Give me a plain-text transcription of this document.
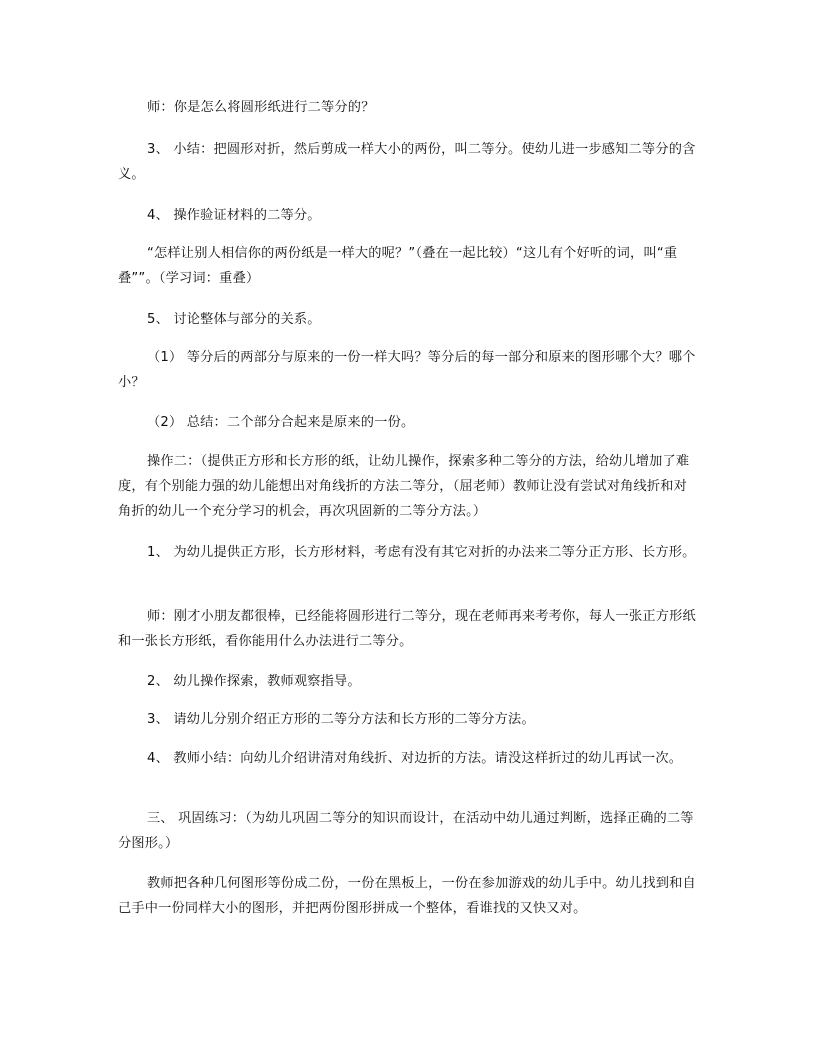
师：你是怎么将圆形纸进行二等分的？

3、 小结：把圆形对折，然后剪成一样大小的两份，叫二等分。使幼儿进一步感知二等分的含义。

4、 操作验证材料的二等分。

“怎样让别人相信你的两份纸是一样大的呢？”（叠在一起比较）“这儿有个好听的词，叫“重叠””。（学习词：重叠）

5、 讨论整体与部分的关系。

（1） 等分后的两部分与原来的一份一样大吗？等分后的每一部分和原来的图形哪个大？哪个小？

（2） 总结：二个部分合起来是原来的一份。

操作二：（提供正方形和长方形的纸，让幼儿操作，探索多种二等分的方法，给幼儿增加了难度，有个别能力强的幼儿能想出对角线折的方法二等分，（屈老师）教师让没有尝试对角线折和对角折的幼儿一个充分学习的机会，再次巩固新的二等分方法。）

1、 为幼儿提供正方形，长方形材料，考虑有没有其它对折的办法来二等分正方形、长方形。

师：刚才小朋友都很棒，已经能将圆形进行二等分，现在老师再来考考你，每人一张正方形纸和一张长方形纸，看你能用什么办法进行二等分。

2、 幼儿操作探索，教师观察指导。

3、 请幼儿分别介绍正方形的二等分方法和长方形的二等分方法。

4、 教师小结：向幼儿介绍讲清对角线折、对边折的方法。请没这样折过的幼儿再试一次。

三、 巩固练习：（为幼儿巩固二等分的知识而设计，在活动中幼儿通过判断，选择正确的二等分图形。）

教师把各种几何图形等份成二份，一份在黑板上，一份在参加游戏的幼儿手中。幼儿找到和自己手中一份同样大小的图形，并把两份图形拼成一个整体，看谁找的又快又对。
